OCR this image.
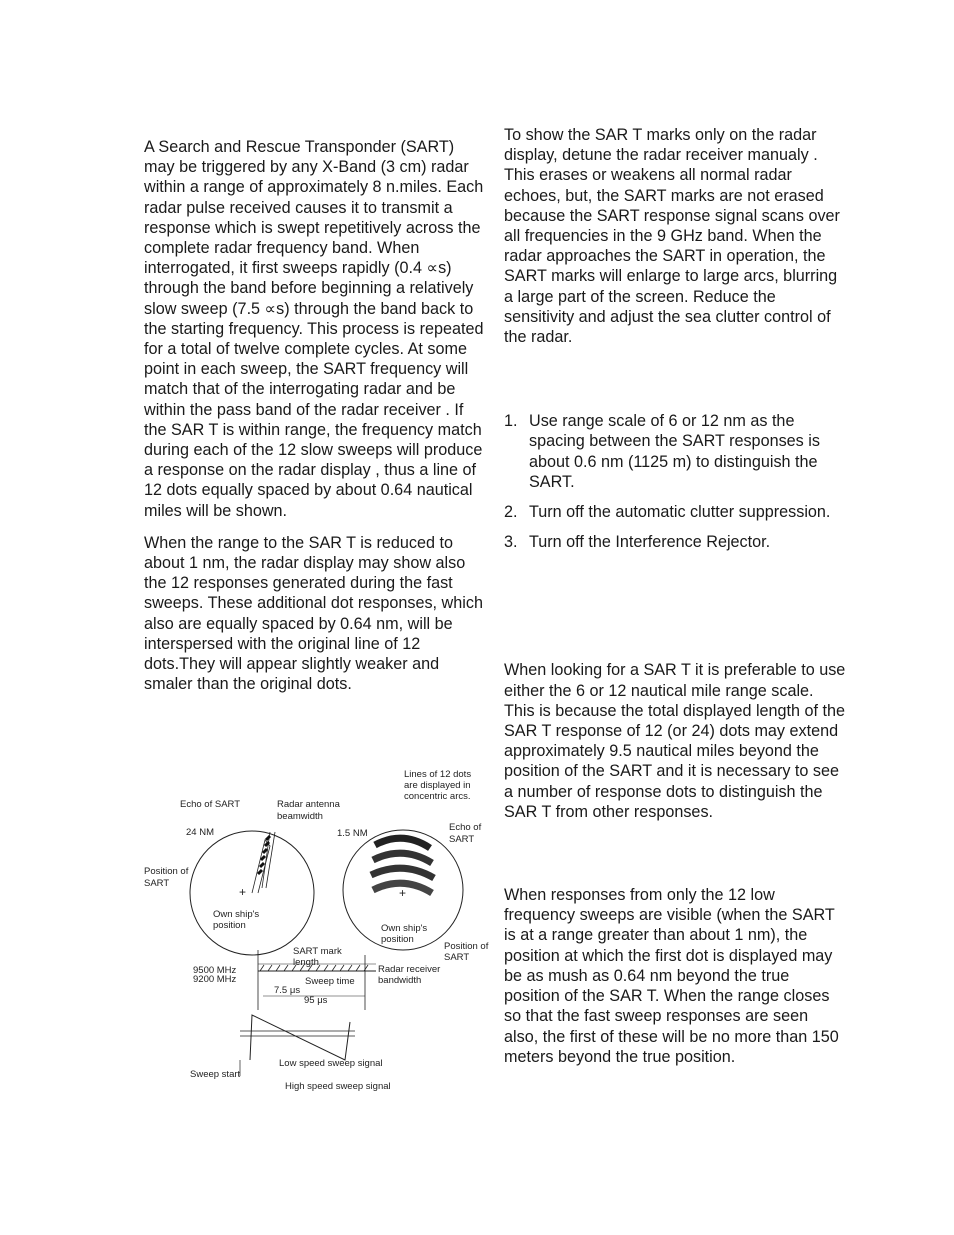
A Search and Rescue Transponder (SART) may be triggered by any X-Band (3 cm) radar within a range of approximately 8 n.miles. Each radar pulse received causes it to transmit a response which is swept repetitively across the complete radar frequency band. When interrogated, it first sweeps rapidly (0.4 ∝s) through the band before beginning a relatively slow sweep (7.5 ∝s) through the band back to the starting frequency. This process is repeated for a total of twelve complete cycles. At some point in each sweep, the SART frequency will match that of the interrogating radar and be within the pass band of the radar receiver . If the SAR T is within range, the frequency match during each of the 12 slow sweeps will produce a response on the radar display , thus a line of 12 dots equally spaced by about 0.64 nautical miles will be shown.

When the range to the SAR T is reduced to about 1 nm, the radar display may show also the 12 responses generated during the fast sweeps. These additional dot responses, which also are equally spaced by 0.64 nm, will be interspersed with the original line of 12 dots.They will appear slightly weaker and smaler than the original dots.

To show the SAR T marks only on the radar display, detune the radar receiver manualy . This erases or weakens all normal radar echoes, but, the SART marks are not erased because the SART response signal scans over all frequencies in the 9 GHz band. When the radar approaches the SART in operation, the SART marks will enlarge to large arcs, blurring a large part of the screen. Reduce the sensitivity and adjust the sea clutter control of the radar.

1. Use range scale of 6 or 12 nm as the spacing between the SART responses is about 0.6 nm (1125 m) to distinguish the SART.
2. Turn off the automatic clutter suppression.
3. Turn off the Interference Rejector.

When looking for a SAR T it is preferable to use either the 6 or 12 nautical mile range scale. This is because the total displayed length of the SAR T response of 12 (or 24) dots may extend approximately 9.5 nautical miles beyond the position of the SART and it is necessary to see a number of response dots to distinguish the SAR T from other responses.

When responses from only the 12 low frequency sweeps are visible (when the SART is at a range greater than about 1 nm), the position at which the first dot is displayed may be as mush as 0.64 nm beyond the true position of the SAR T. When the range closes so that the fast sweep responses are seen also, the first of these will be no more than 150 meters beyond the true position.

+	+
Echo of SART	Radar antenna
beamwidth
24 NM	1.5 NM
Lines of 12 dots
are displayed in
concentric arcs.
Echo of
SART
Position of
SART
Own ship's
position	Own ship's
position
Position of
SART
SART mark
length
9500 MHz
9200 MHz	Sweep time
Radar receiver
bandwidth
7.5 μs
95 μs
Low speed sweep signal
Sweep start
High speed sweep signal
